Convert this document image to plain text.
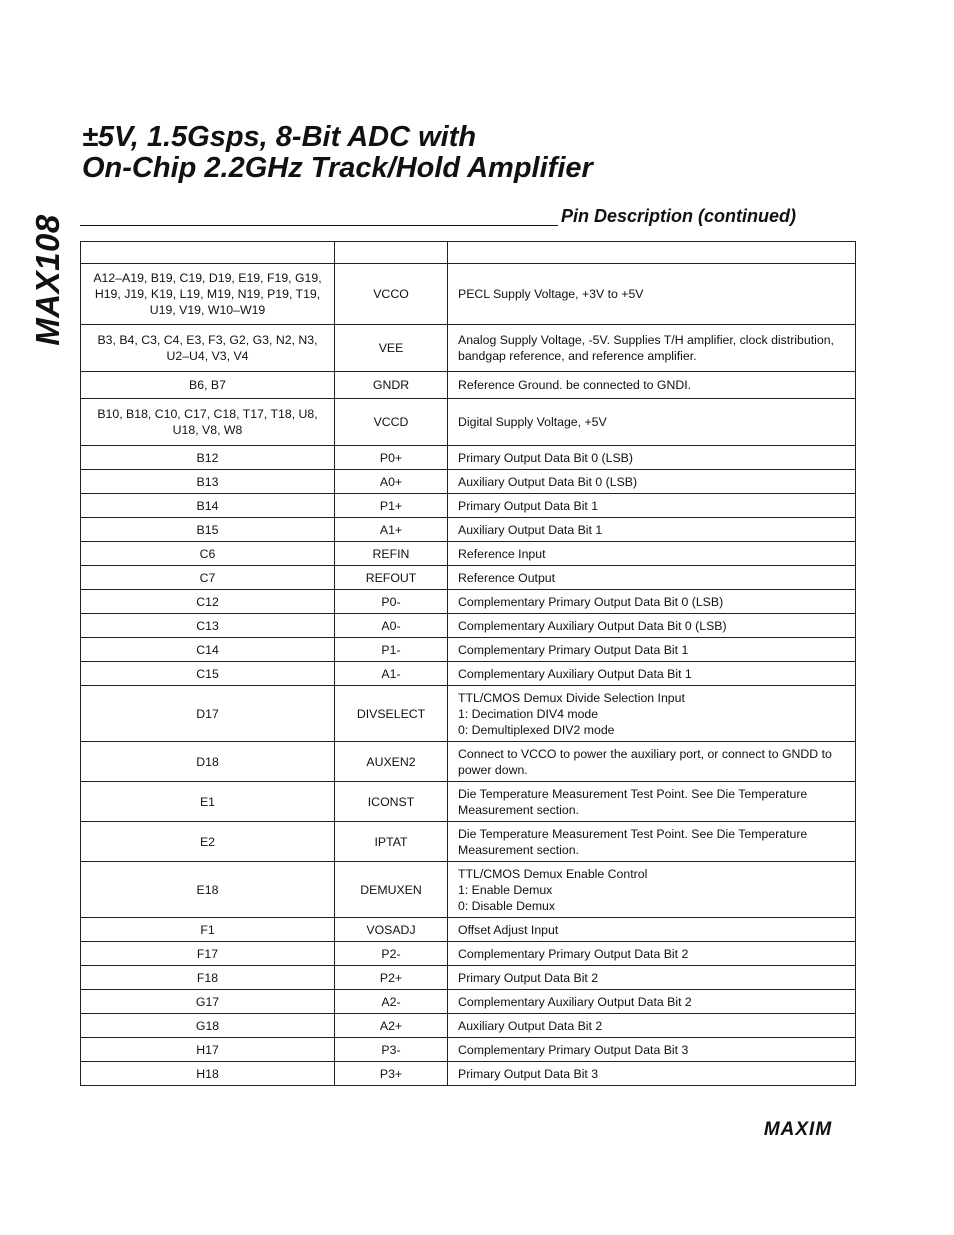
MAX108
±5V, 1.5Gsps, 8-Bit ADC with
On-Chip 2.2GHz Track/Hold Amplifier
Pin Description (continued)

A12–A19, B19, C19, D19, E19, F19, G19, H19, J19, K19, L19, M19, N19, P19, T19, U19, V19, W10–W19	VCCO	PECL Supply Voltage, +3V to +5V
B3, B4, C3, C4, E3, F3, G2, G3, N2, N3, U2–U4, V3, V4	VEE	Analog Supply Voltage, -5V. Supplies T/H amplifier, clock distribution, bandgap reference, and reference amplifier.
B6, B7	GNDR	Reference Ground. be connected to GNDI.
B10, B18, C10, C17, C18, T17, T18, U8, U18, V8, W8	VCCD	Digital Supply Voltage, +5V
B12	P0+	Primary Output Data Bit 0 (LSB)
B13	A0+	Auxiliary Output Data Bit 0 (LSB)
B14	P1+	Primary Output Data Bit 1
B15	A1+	Auxiliary Output Data Bit 1
C6	REFIN	Reference Input
C7	REFOUT	Reference Output
C12	P0-	Complementary Primary Output Data Bit 0 (LSB)
C13	A0-	Complementary Auxiliary Output Data Bit 0 (LSB)
C14	P1-	Complementary Primary Output Data Bit 1
C15	A1-	Complementary Auxiliary Output Data Bit 1
D17	DIVSELECT	TTL/CMOS Demux Divide Selection Input
1: Decimation DIV4 mode
0: Demultiplexed DIV2 mode
D18	AUXEN2	Connect to VCCO to power the auxiliary port, or connect to GNDD to power down.
E1	ICONST	Die Temperature Measurement Test Point. See Die Temperature Measurement section.
E2	IPTAT	Die Temperature Measurement Test Point. See Die Temperature Measurement section.
E18	DEMUXEN	TTL/CMOS Demux Enable Control
1: Enable Demux
0: Disable Demux
F1	VOSADJ	Offset Adjust Input
F17	P2-	Complementary Primary Output Data Bit 2
F18	P2+	Primary Output Data Bit 2
G17	A2-	Complementary Auxiliary Output Data Bit 2
G18	A2+	Auxiliary Output Data Bit 2
H17	P3-	Complementary Primary Output Data Bit 3
H18	P3+	Primary Output Data Bit 3
MAXIM
